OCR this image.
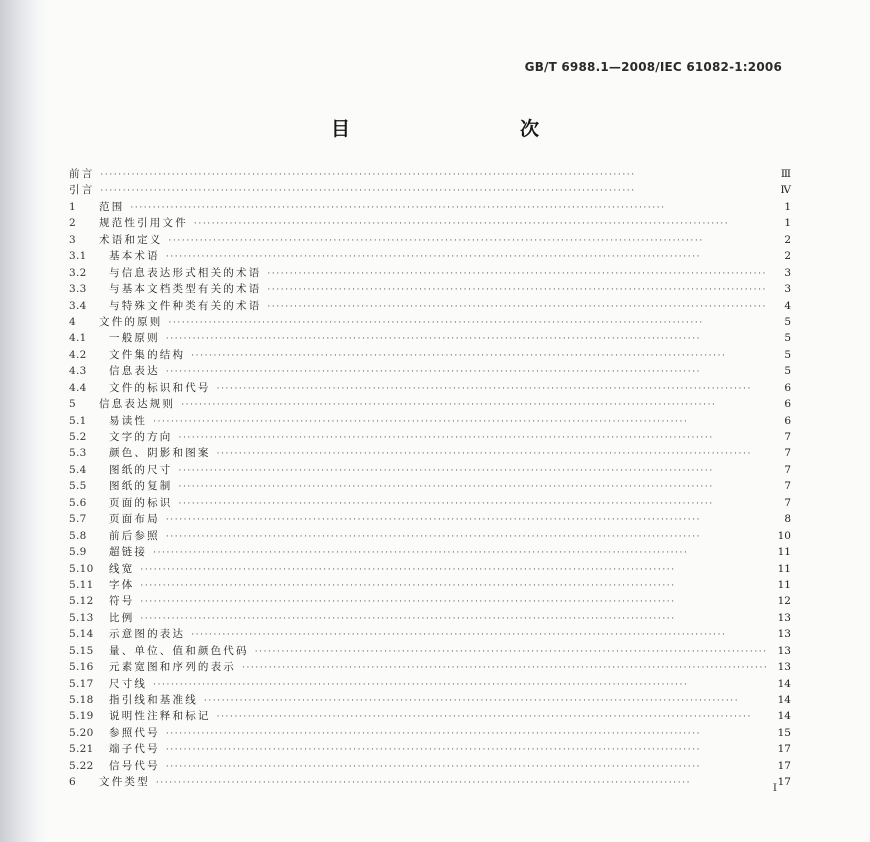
GB/T 6988.1—2008/IEC 61082-1:2006
目　　次
前言 ·····	Ⅲ
引言 ·····	Ⅳ
1	范围 ·····	1
2	规范性引用文件 ·····	1
3	术语和定义 ·····	2
3.1	基本术语 ·····	2
3.2	与信息表达形式相关的术语 ·····	3
3.3	与基本文档类型有关的术语 ·····	3
3.4	与特殊文件种类有关的术语 ·····	4
4	文件的原则 ·····	5
4.1	一般原则 ·····	5
4.2	文件集的结构 ·····	5
4.3	信息表达 ·····	5
4.4	文件的标识和代号 ·····	6
5	信息表达规则 ·····	6
5.1	易读性 ·····	6
5.2	文字的方向 ·····	7
5.3	颜色、阴影和图案 ·····	7
5.4	图纸的尺寸 ·····	7
5.5	图纸的复制 ·····	7
5.6	页面的标识 ·····	7
5.7	页面布局 ·····	8
5.8	前后参照 ·····	10
5.9	超链接 ·····	11
5.10	线宽 ·····	11
5.11	字体 ·····	11
5.12	符号 ·····	12
5.13	比例 ·····	13
5.14	示意图的表达 ·····	13
5.15	量、单位、值和颜色代码 ·····	13
5.16	元素宽图和序列的表示 ·····	13
5.17	尺寸线 ·····	14
5.18	指引线和基准线 ·····	14
5.19	说明性注释和标记 ·····	14
5.20	参照代号 ·····	15
5.21	端子代号 ·····	17
5.22	信号代号 ·····	17
6	文件类型 ·····	17
Ⅰ
